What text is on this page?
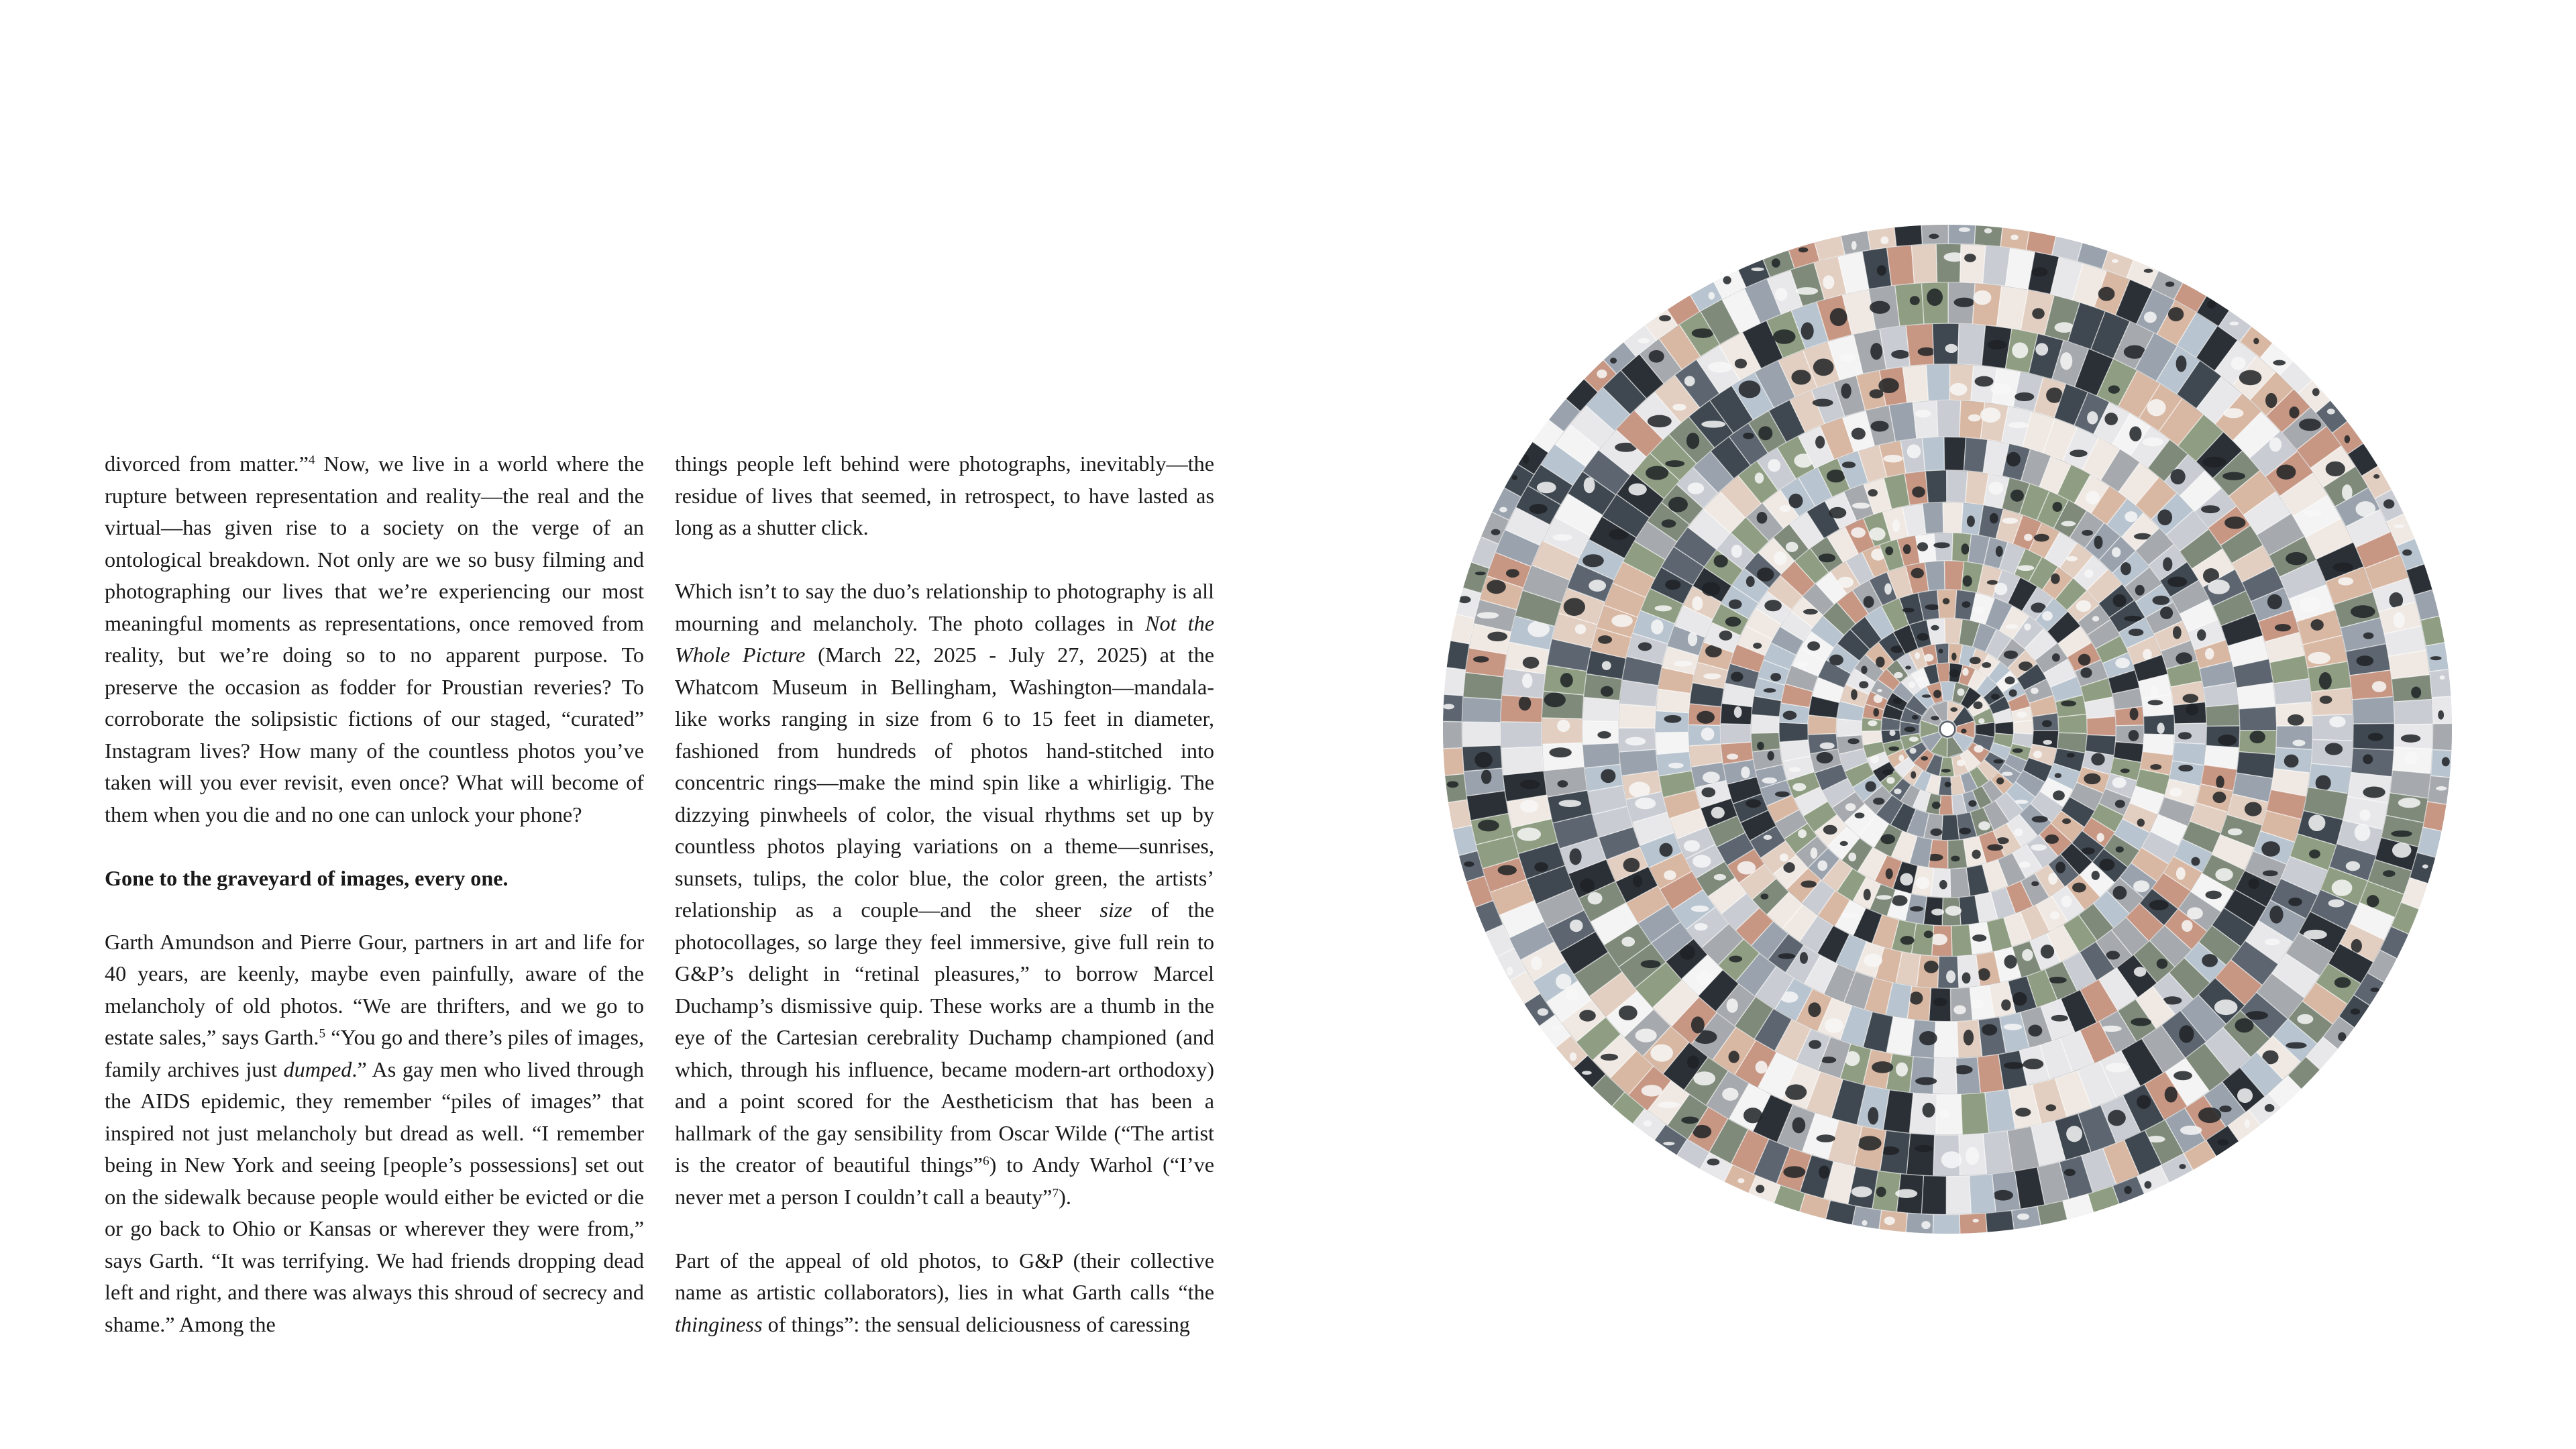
divorced from matter.”$^4$ Now, we live in a world where the rupture between representation and reality—the real and the virtual—has given rise to a society on the verge of an ontological breakdown. Not only are we so busy filming and photographing our lives that we’re experiencing our most meaningful moments as representations, once removed from reality, but we’re doing so to no apparent purpose. To preserve the occasion as fodder for Proustian reveries? To corroborate the solipsistic fictions of our staged, “curated” Instagram lives? How many of the countless photos you’ve taken will you ever revisit, even once? What will become of them when you die and no one can unlock your phone?

Gone to the graveyard of images, every one.

Garth Amundson and Pierre Gour, partners in art and life for 40 years, are keenly, maybe even painfully, aware of the melancholy of old photos. “We are thrifters, and we go to estate sales,” says Garth.$^5$ “You go and there’s piles of images, family archives just dumped.” As gay men who lived through the AIDS epidemic, they remember “piles of images” that inspired not just melancholy but dread as well. “I remember being in New York and seeing [people’s possessions] set out on the sidewalk because people would either be evicted or die or go back to Ohio or Kansas or wherever they were from,” says Garth. “It was terrifying. We had friends dropping dead left and right, and there was always this shroud of secrecy and shame.” Among the

things people left behind were photographs, inevitably—the residue of lives that seemed, in retrospect, to have lasted as long as a shutter click.

Which isn’t to say the duo’s relationship to photography is all mourning and melancholy. The photo collages in Not the Whole Picture (March 22, 2025 - July 27, 2025) at the Whatcom Museum in Bellingham, Washington—mandala-like works ranging in size from 6 to 15 feet in diameter, fashioned from hundreds of photos hand-stitched into concentric rings—make the mind spin like a whirligig. The dizzying pinwheels of color, the visual rhythms set up by countless photos playing variations on a theme—sunrises, sunsets, tulips, the color blue, the color green, the artists’ relationship as a couple—and the sheer size of the photocollages, so large they feel immersive, give full rein to G&P’s delight in “retinal pleasures,” to borrow Marcel Duchamp’s dismissive quip. These works are a thumb in the eye of the Cartesian cerebrality Duchamp championed (and which, through his influence, became modern-art orthodoxy) and a point scored for the Aestheticism that has been a hallmark of the gay sensibility from Oscar Wilde (“The artist is the creator of beautiful things”$^6$) to Andy Warhol (“I’ve never met a person I couldn’t call a beauty”$^7$).

Part of the appeal of old photos, to G&P (their collective name as artistic collaborators), lies in what Garth calls “the thinginess of things”: the sensual deliciousness of caressing
